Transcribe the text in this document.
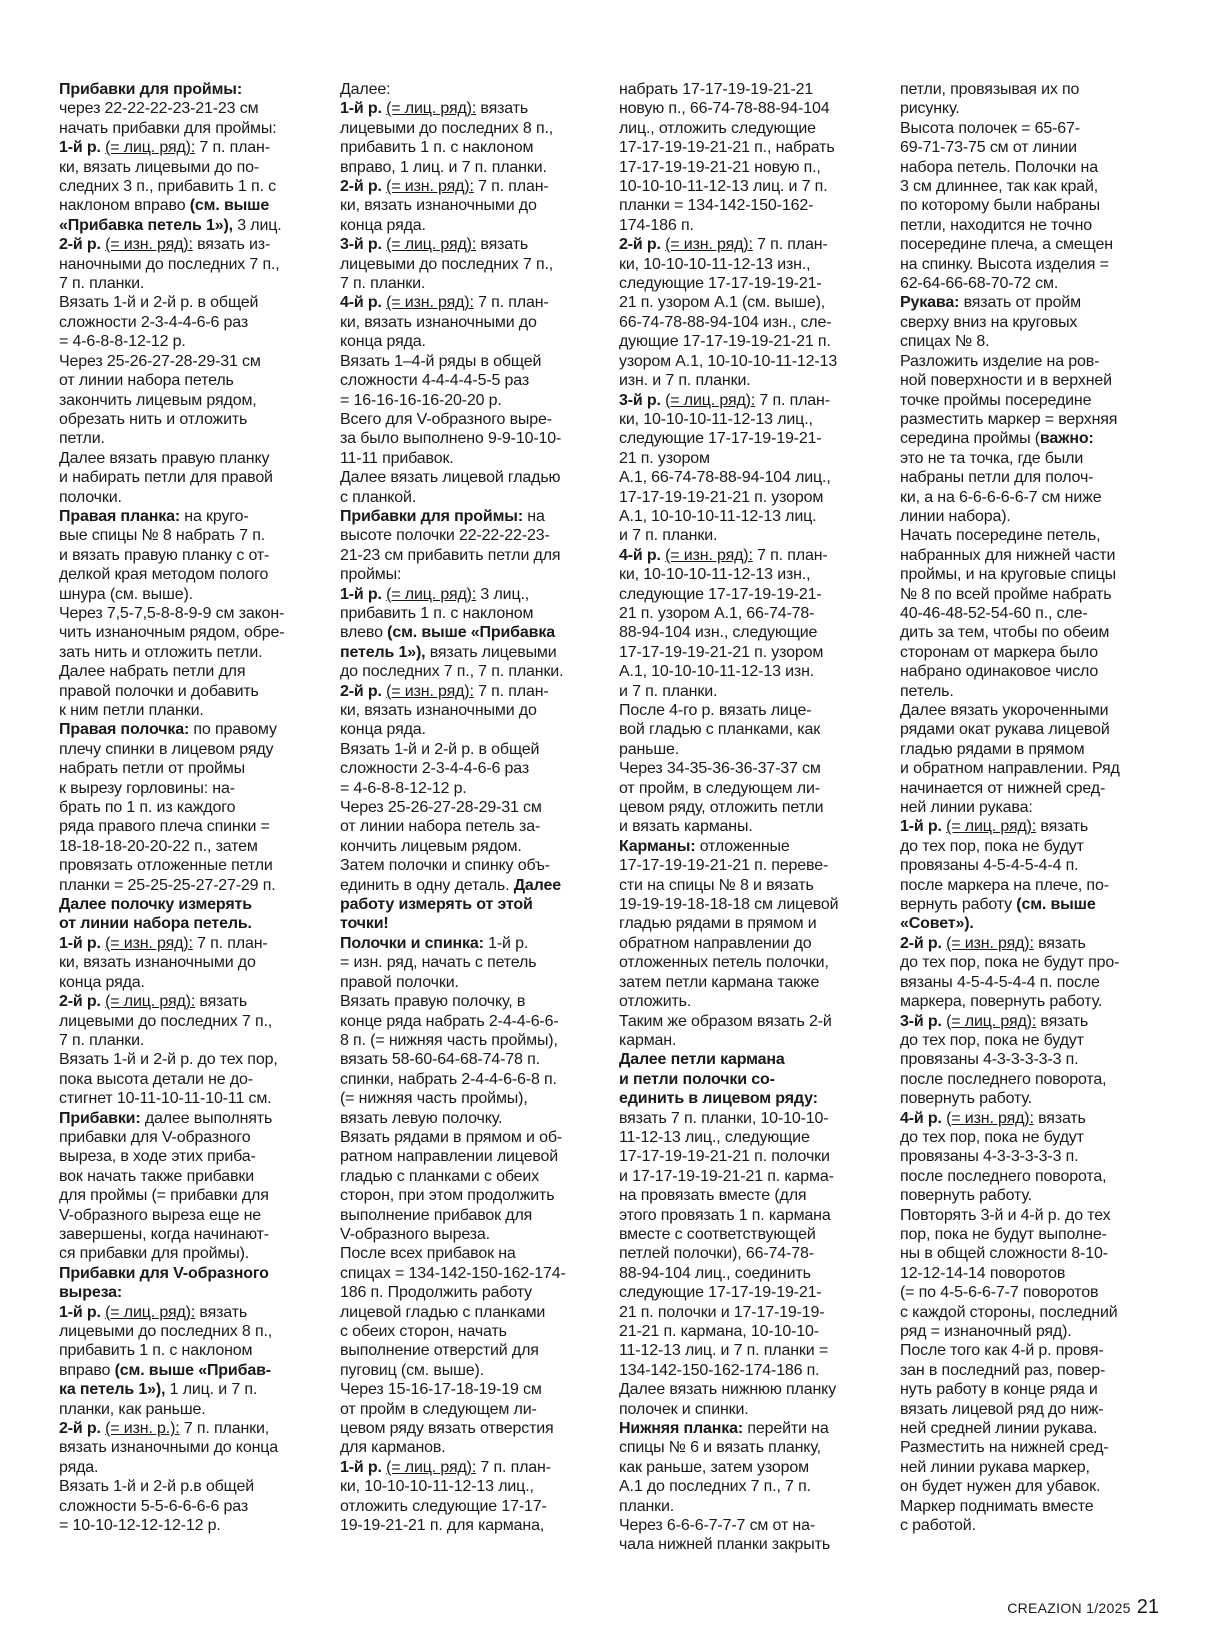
Прибавки для проймы:

через 22-22-22-23-21-23 см

начать прибавки для проймы:

1-й р. (= лиц. ряд): 7 п. план-

ки, вязать лицевыми до по-

следних 3 п., прибавить 1 п. с

наклоном вправо (см. выше

«Прибавка петель 1»), 3 лиц.

2-й р. (= изн. ряд): вязать из-

наночными до последних 7 п.,

7 п. планки.

Вязать 1-й и 2-й р. в общей

сложности 2-3-4-4-6-6 раз

= 4-6-8-8-12-12 р.

Через 25-26-27-28-29-31 см

от линии набора петель

закончить лицевым рядом,

обрезать нить и отложить

петли.

Далее вязать правую планку

и набирать петли для правой

полочки.

Правая планка: на круго-

вые спицы № 8 набрать 7 п.

и вязать правую планку с от-

делкой края методом полого

шнура (см. выше).

Через 7,5-7,5-8-8-9-9 см закон-

чить изнаночным рядом, обре-

зать нить и отложить петли.

Далее набрать петли для

правой полочки и добавить

к ним петли планки.

Правая полочка: по правому

плечу спинки в лицевом ряду

набрать петли от проймы

к вырезу горловины: на-

брать по 1 п. из каждого

ряда правого плеча спинки =

18-18-18-20-20-22 п., затем

провязать отложенные петли

планки = 25-25-25-27-27-29 п.

Далее полочку измерять

от линии набора петель.

1-й р. (= изн. ряд): 7 п. план-

ки, вязать изнаночными до

конца ряда.

2-й р. (= лиц. ряд): вязать

лицевыми до последних 7 п.,

7 п. планки.

Вязать 1-й и 2-й р. до тех пор,

пока высота детали не до-

стигнет 10-11-10-11-10-11 см.

Прибавки: далее выполнять

прибавки для V-образного

выреза, в ходе этих приба-

вок начать также прибавки

для проймы (= прибавки для

V-образного выреза еще не

завершены, когда начинают-

ся прибавки для проймы).

Прибавки для V-образного

выреза:

1-й р. (= лиц. ряд): вязать

лицевыми до последних 8 п.,

прибавить 1 п. с наклоном

вправо (см. выше «Прибав-

ка петель 1»), 1 лиц. и 7 п.

планки, как раньше.

2-й р. (= изн. р.): 7 п. планки,

вязать изнаночными до конца

ряда.

Вязать 1-й и 2-й р.в общей

сложности 5-5-6-6-6-6 раз

= 10-10-12-12-12-12 р.

Далее:

1-й р. (= лиц. ряд): вязать

лицевыми до последних 8 п.,

прибавить 1 п. с наклоном

вправо, 1 лиц. и 7 п. планки.

2-й р. (= изн. ряд): 7 п. план-

ки, вязать изнаночными до

конца ряда.

3-й р. (= лиц. ряд): вязать

лицевыми до последних 7 п.,

7 п. планки.

4-й р. (= изн. ряд): 7 п. план-

ки, вязать изнаночными до

конца ряда.

Вязать 1–4-й ряды в общей

сложности 4-4-4-4-5-5 раз

= 16-16-16-16-20-20 р.

Всего для V-образного выре-

за было выполнено 9-9-10-10-

11-11 прибавок.

Далее вязать лицевой гладью

с планкой.

Прибавки для проймы: на

высоте полочки 22-22-22-23-

21-23 см прибавить петли для

проймы:

1-й р. (= лиц. ряд): 3 лиц.,

прибавить 1 п. с наклоном

влево (см. выше «Прибавка

петель 1»), вязать лицевыми

до последних 7 п., 7 п. планки.

2-й р. (= изн. ряд): 7 п. план-

ки, вязать изнаночными до

конца ряда.

Вязать 1-й и 2-й р. в общей

сложности 2-3-4-4-6-6 раз

= 4-6-8-8-12-12 р.

Через 25-26-27-28-29-31 см

от линии набора петель за-

кончить лицевым рядом.

Затем полочки и спинку объ-

единить в одну деталь. Далее

работу измерять от этой

точки!

Полочки и спинка: 1-й р.

= изн. ряд, начать с петель

правой полочки.

Вязать правую полочку, в

конце ряда набрать 2-4-4-6-6-

8 п. (= нижняя часть проймы),

вязать 58-60-64-68-74-78 п.

спинки, набрать 2-4-4-6-6-8 п.

(= нижняя часть проймы),

вязать левую полочку.

Вязать рядами в прямом и об-

ратном направлении лицевой

гладью с планками с обеих

сторон, при этом продолжить

выполнение прибавок для

V-образного выреза.

После всех прибавок на

спицах = 134-142-150-162-174-

186 п. Продолжить работу

лицевой гладью с планками

с обеих сторон, начать

выполнение отверстий для

пуговиц (см. выше).

Через 15-16-17-18-19-19 см

от пройм в следующем ли-

цевом ряду вязать отверстия

для карманов.

1-й р. (= лиц. ряд): 7 п. план-

ки, 10-10-10-11-12-13 лиц.,

отложить следующие 17-17-

19-19-21-21 п. для кармана,

набрать 17-17-19-19-21-21

новую п., 66-74-78-88-94-104

лиц., отложить следующие

17-17-19-19-21-21 п., набрать

17-17-19-19-21-21 новую п.,

10-10-10-11-12-13 лиц. и 7 п.

планки = 134-142-150-162-

174-186 п.

2-й р. (= изн. ряд): 7 п. план-

ки, 10-10-10-11-12-13 изн.,

следующие 17-17-19-19-21-

21 п. узором А.1 (см. выше),

66-74-78-88-94-104 изн., сле-

дующие 17-17-19-19-21-21 п.

узором А.1, 10-10-10-11-12-13

изн. и 7 п. планки.

3-й р. (= лиц. ряд): 7 п. план-

ки, 10-10-10-11-12-13 лиц.,

следующие 17-17-19-19-21-

21 п. узором

А.1, 66-74-78-88-94-104 лиц.,

17-17-19-19-21-21 п. узором

А.1, 10-10-10-11-12-13 лиц.

и 7 п. планки.

4-й р. (= изн. ряд): 7 п. план-

ки, 10-10-10-11-12-13 изн.,

следующие 17-17-19-19-21-

21 п. узором А.1, 66-74-78-

88-94-104 изн., следующие

17-17-19-19-21-21 п. узором

А.1, 10-10-10-11-12-13 изн.

и 7 п. планки.

После 4-го р. вязать лице-

вой гладью с планками, как

раньше.

Через 34-35-36-36-37-37 см

от пройм, в следующем ли-

цевом ряду, отложить петли

и вязать карманы.

Карманы: отложенные

17-17-19-19-21-21 п. переве-

сти на спицы № 8 и вязать

19-19-19-18-18-18 см лицевой

гладью рядами в прямом и

обратном направлении до

отложенных петель полочки,

затем петли кармана также

отложить.

Таким же образом вязать 2-й

карман.

Далее петли кармана

и петли полочки со-

единить в лицевом ряду:

вязать 7 п. планки, 10-10-10-

11-12-13 лиц., следующие

17-17-19-19-21-21 п. полочки

и 17-17-19-19-21-21 п. карма-

на провязать вместе (для

этого провязать 1 п. кармана

вместе с соответствующей

петлей полочки), 66-74-78-

88-94-104 лиц., соединить

следующие 17-17-19-19-21-

21 п. полочки и 17-17-19-19-

21-21 п. кармана, 10-10-10-

11-12-13 лиц. и 7 п. планки =

134-142-150-162-174-186 п.

Далее вязать нижнюю планку

полочек и спинки.

Нижняя планка: перейти на

спицы № 6 и вязать планку,

как раньше, затем узором

А.1 до последних 7 п., 7 п.

планки.

Через 6-6-6-7-7-7 см от на-

чала нижней планки закрыть

петли, провязывая их по

рисунку.

Высота полочек = 65-67-

69-71-73-75 см от линии

набора петель. Полочки на

3 см длиннее, так как край,

по которому были набраны

петли, находится не точно

посередине плеча, а смещен

на спинку. Высота изделия =

62-64-66-68-70-72 см.

Рукава: вязать от пройм

сверху вниз на круговых

спицах № 8.

Разложить изделие на ров-

ной поверхности и в верхней

точке проймы посередине

разместить маркер = верхняя

середина проймы (важно:

это не та точка, где были

набраны петли для полоч-

ки, а на 6-6-6-6-6-7 см ниже

линии набора).

Начать посередине петель,

набранных для нижней части

проймы, и на круговые спицы

№ 8 по всей пройме набрать

40-46-48-52-54-60 п., сле-

дить за тем, чтобы по обеим

сторонам от маркера было

набрано одинаковое число

петель.

Далее вязать укороченными

рядами окат рукава лицевой

гладью рядами в прямом

и обратном направлении. Ряд

начинается от нижней сред-

ней линии рукава:

1-й р. (= лиц. ряд): вязать

до тех пор, пока не будут

провязаны 4-5-4-5-4-4 п.

после маркера на плече, по-

вернуть работу (см. выше

«Совет»).

2-й р. (= изн. ряд): вязать

до тех пор, пока не будут про-

вязаны 4-5-4-5-4-4 п. после

маркера, повернуть работу.

3-й р. (= лиц. ряд): вязать

до тех пор, пока не будут

провязаны 4-3-3-3-3-3 п.

после последнего поворота,

повернуть работу.

4-й р. (= изн. ряд): вязать

до тех пор, пока не будут

провязаны 4-3-3-3-3-3 п.

после последнего поворота,

повернуть работу.

Повторять 3-й и 4-й р. до тех

пор, пока не будут выполне-

ны в общей сложности 8-10-

12-12-14-14 поворотов

(= по 4-5-6-6-7-7 поворотов

с каждой стороны, последний

ряд = изнаночный ряд).

После того как 4-й р. провя-

зан в последний раз, повер-

нуть работу в конце ряда и

вязать лицевой ряд до ниж-

ней средней линии рукава.

Разместить на нижней сред-

ней линии рукава маркер,

он будет нужен для убавок.

Маркер поднимать вместе

с работой.

CREAZION 1/2025 21
